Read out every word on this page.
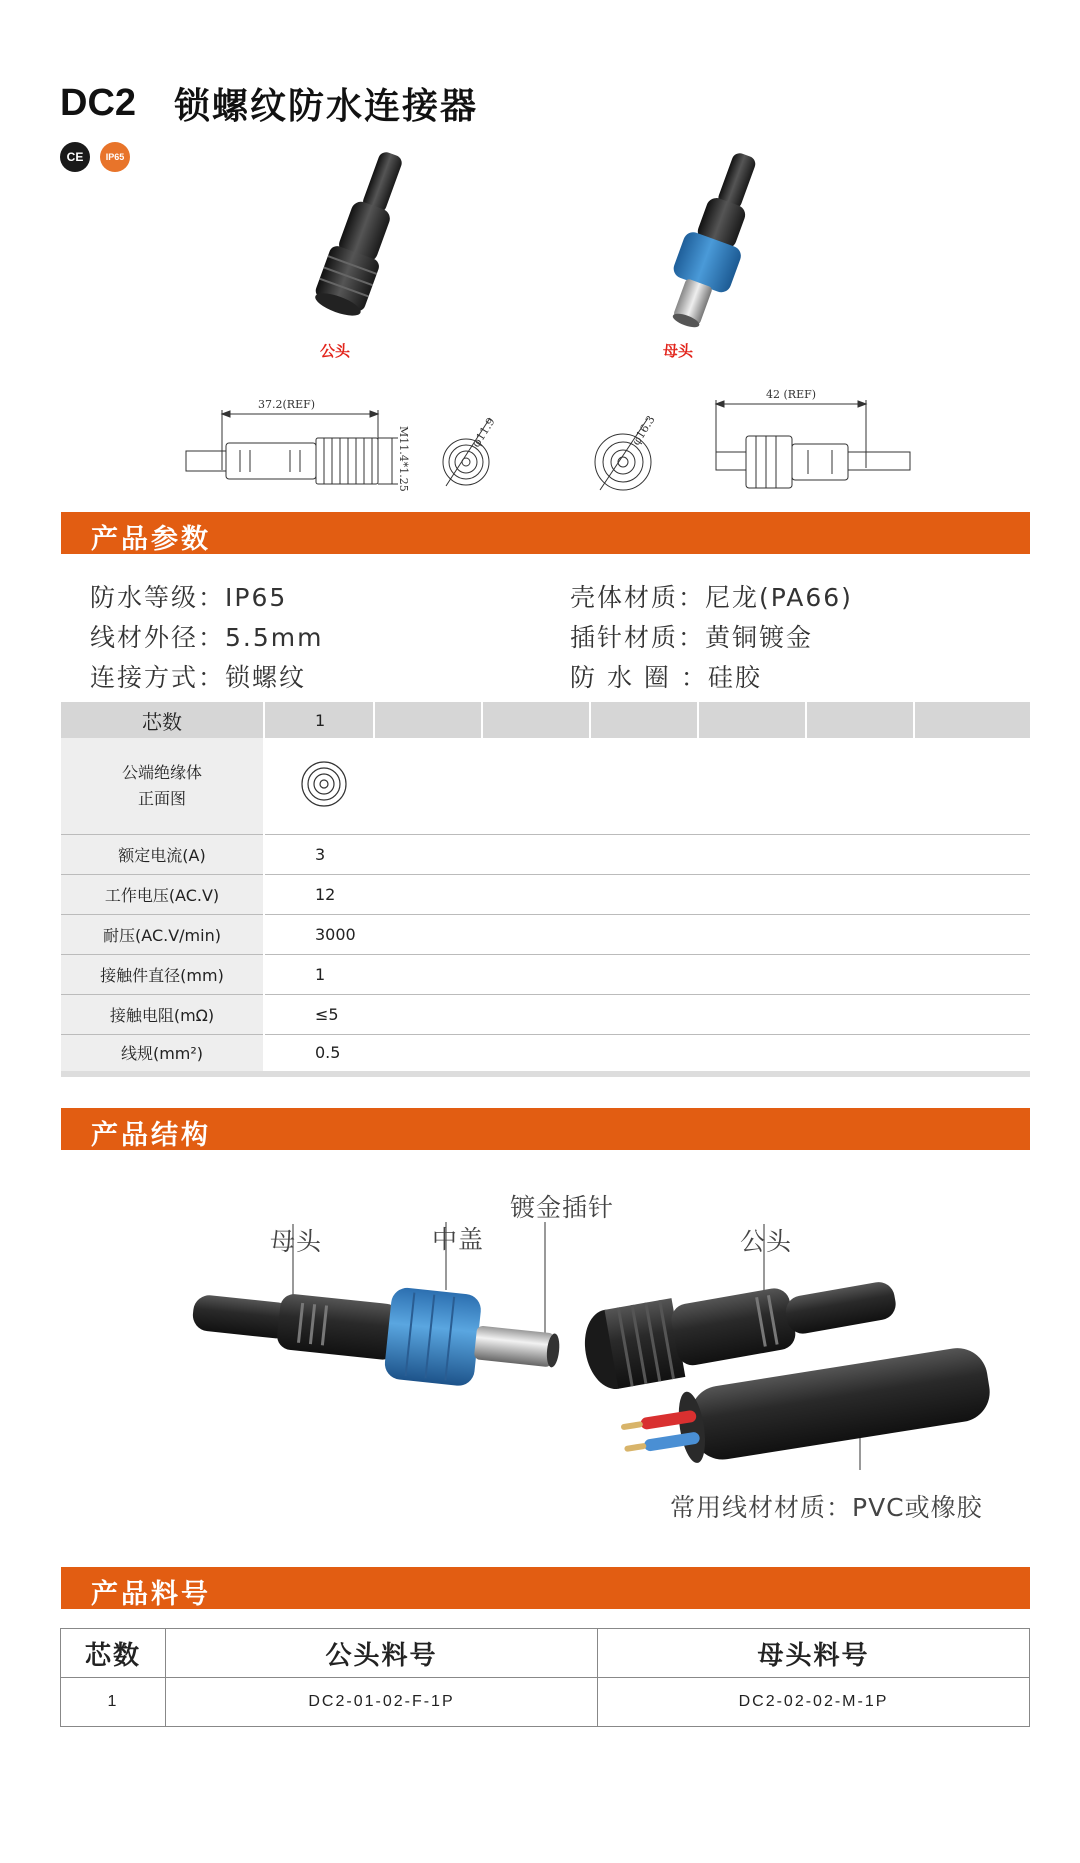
DC2 锁螺纹防水连接器
CE	IP65
公头	母头
37.2(REF)
M11.4*1.25	φ11.9	φ16.3
42 (REF)
产品参数
防水等级：IP65
线材外径：5.5mm
连接方式：锁螺纹
壳体材质：尼龙(PA66)
插针材质：黄铜镀金
防 水 圈 ：硅胶
芯数	1						

公端绝缘体
正面图

额定电流(A)	3						
工作电压(AC.V)	12						
耐压(AC.V/min)	3000						
接触件直径(mm)	1						
接触电阻(mΩ)	≤5						
线规(mm²)	0.5						
产品结构
母头	中盖
镀金插针
公头
常用线材材质：PVC或橡胶
产品料号
芯数	公头料号	母头料号
1	DC2-01-02-F-1P	DC2-02-02-M-1P
